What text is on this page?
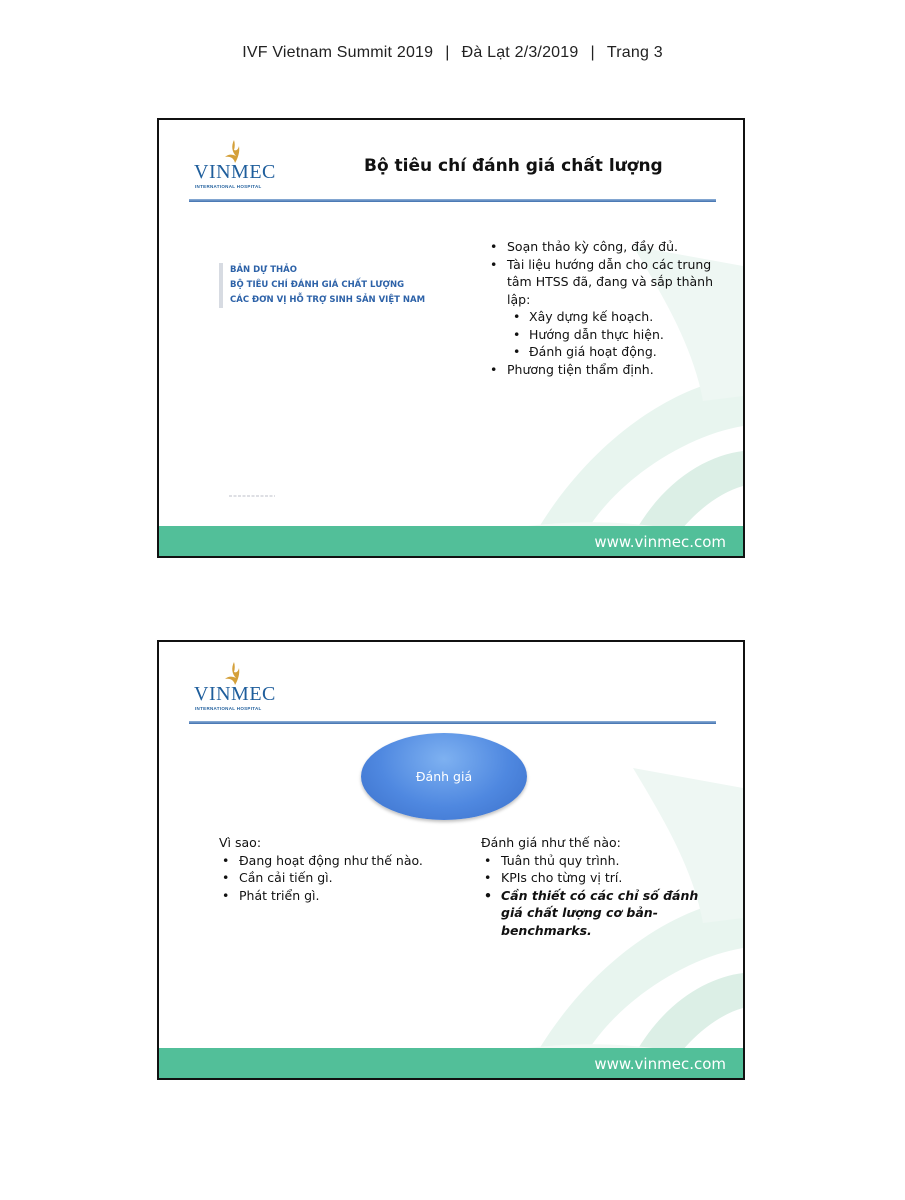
IVF Vietnam Summit 2019 | Đà Lạt 2/3/2019 | Trang 3
VINMEC
INTERNATIONAL HOSPITAL
Bộ tiêu chí đánh giá chất lượng
BẢN DỰ THẢO
BỘ TIÊU CHÍ ĐÁNH GIÁ CHẤT LƯỢNG
CÁC ĐƠN VỊ HỖ TRỢ SINH SẢN VIỆT NAM
• Soạn thảo kỳ công, đầy đủ.
• Tài liệu hướng dẫn cho các trung tâm HTSS đã, đang và sắp thành lập:
• Xây dựng kế hoạch.
• Hướng dẫn thực hiện.
• Đánh giá hoạt động.
• Phương tiện thẩm định.
www.vinmec.com
VINMEC
INTERNATIONAL HOSPITAL
Đánh giá
Vì sao:
• Đang hoạt động như thế nào.
• Cần cải tiến gì.
• Phát triển gì.
Đánh giá như thế nào:
• Tuân thủ quy trình.
• KPIs cho từng vị trí.
• Cần thiết có các chỉ số đánh giá chất lượng cơ bản- benchmarks.
www.vinmec.com
